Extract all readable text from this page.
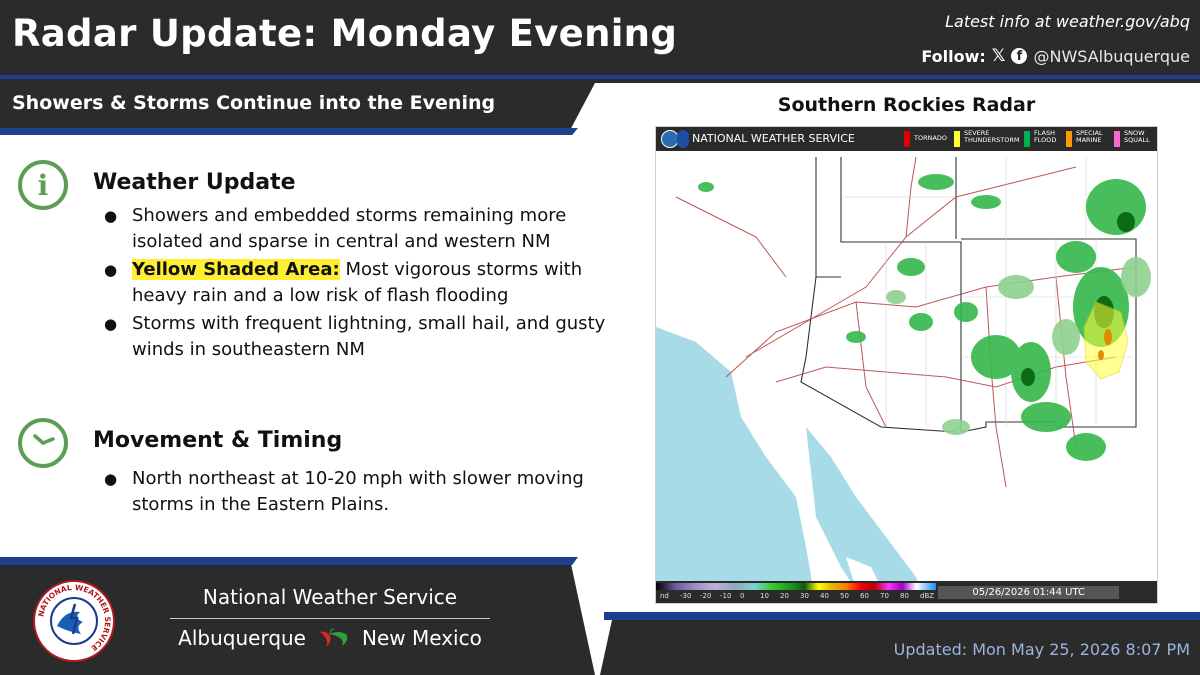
Radar Update: Monday Evening	Latest info at weather.gov/abq
Follow: 𝕏 f @NWSAlbuquerque
Showers & Storms Continue into the Evening
i	Weather Update
● Showers and embedded storms remaining more isolated and sparse in central and western NM
● Yellow Shaded Area: Most vigorous storms with heavy rain and a low risk of flash flooding
● Storms with frequent lightning, small hail, and gusty winds in southeastern NM
Movement & Timing
● North northeast at 10-20 mph with slower moving storms in the Eastern Plains.
Southern Rockies Radar
NATIONAL WEATHER SERVICE	TORNADO
SEVERE THUNDERSTORM
FLASH FLOOD
SPECIAL MARINE
SNOW SQUALL
nd -30 -20 -10 0 10 20 30 40 50 60 70 80 dBZ	05/26/2026 01:44 UTC
Updated: Mon May 25, 2026 8:07 PM
NATIONAL WEATHER SERVICE
National Weather Service
Albuquerque	New Mexico
